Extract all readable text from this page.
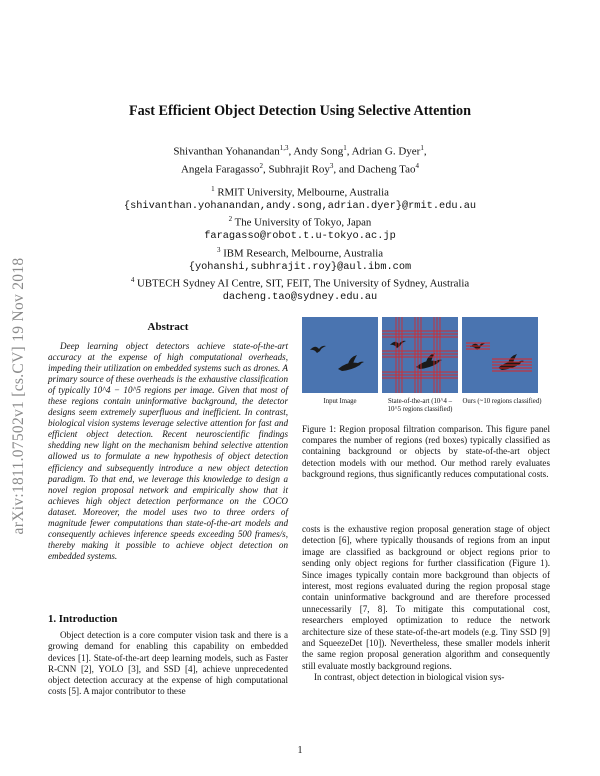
arXiv:1811.07502v1 [cs.CV] 19 Nov 2018
Fast Efficient Object Detection Using Selective Attention
Shivanthan Yohanandan$^{1,3}$, Andy Song$^1$, Adrian G. Dyer$^1$,
Angela Faragasso$^2$, Subhrajit Roy$^3$, and Dacheng Tao$^4$
$^1$ RMIT University, Melbourne, Australia
{shivanthan.yohanandan,andy.song,adrian.dyer}@rmit.edu.au
$^2$ The University of Tokyo, Japan
faragasso@robot.t.u-tokyo.ac.jp
$^3$ IBM Research, Melbourne, Australia
{yohanshi,subhrajit.roy}@aul.ibm.com
$^4$ UBTECH Sydney AI Centre, SIT, FEIT, The University of Sydney, Australia
dacheng.tao@sydney.edu.au
Abstract

Deep learning object detectors achieve state-of-the-art accuracy at the expense of high computational overheads, impeding their utilization on embedded systems such as drones. A primary source of these overheads is the exhaustive classification of typically 10^4 − 10^5 regions per image. Given that most of these regions contain uninformative background, the detector designs seem extremely superfluous and inefficient. In contrast, biological vision systems leverage selective attention for fast and efficient object detection. Recent neuroscientific findings shedding new light on the mechanism behind selective attention allowed us to formulate a new hypothesis of object detection efficiency and subsequently introduce a new object detection paradigm. To that end, we leverage this knowledge to design a novel region proposal network and empirically show that it achieves high object detection performance on the COCO dataset. Moreover, the model uses two to three orders of magnitude fewer computations than state-of-the-art models and consequently achieves inference speeds exceeding 500 frames/s, thereby making it possible to achieve object detection on embedded systems.

1. Introduction

Object detection is a core computer vision task and there is a growing demand for enabling this capability on embedded devices [1]. State-of-the-art deep learning models, such as Faster R-CNN [2], YOLO [3], and SSD [4], achieve unprecedented object detection accuracy at the expense of high computational costs [5]. A major contributor to these

Input Image	State-of-the-art (10^4 – 10^5 regions classified)
Ours (~10 regions classified)

Figure 1: Region proposal filtration comparison. This figure panel compares the number of regions (red boxes) typically classified as containing background or objects by state-of-the-art object detection models with our method. Our method rarely evaluates background regions, thus significantly reduces computational costs.

costs is the exhaustive region proposal generation stage of object detection [6], where typically thousands of regions from an input image are classified as background or object regions prior to sending only object regions for further classification (Figure 1). Since images typically contain more background than objects of interest, most regions evaluated during the region proposal stage contain uninformative background and are therefore processed unnecessarily [7, 8]. To mitigate this computational cost, researchers employed optimization to reduce the network architecture size of these state-of-the-art models (e.g. Tiny SSD [9] and SqueezeDet [10]). Nevertheless, these smaller models inherit the same region proposal generation algorithm and consequently still evaluate mostly background regions.

In contrast, object detection in biological vision sys-

1
